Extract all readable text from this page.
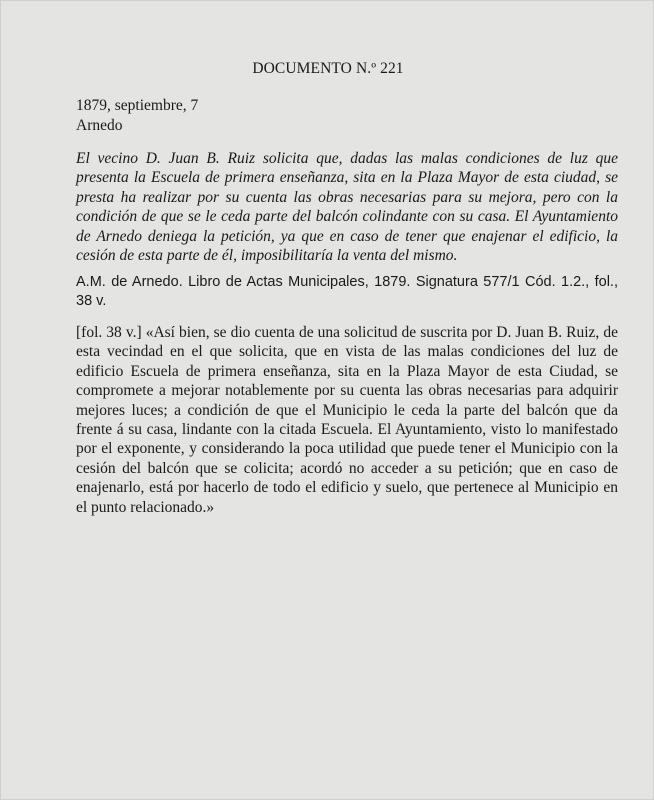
DOCUMENTO N.º 221
1879, septiembre, 7
Arnedo
El vecino D. Juan B. Ruiz solicita que, dadas las malas condiciones de luz que presenta la Escuela de primera enseñanza, sita en la Plaza Mayor de esta ciudad, se presta ha realizar por su cuenta las obras necesarias para su mejora, pero con la condición de que se le ceda parte del balcón colindante con su casa. El Ayuntamiento de Arnedo deniega la petición, ya que en caso de tener que enajenar el edificio, la cesión de esta parte de él, imposibilitaría la venta del mismo.
A.M. de Arnedo. Libro de Actas Municipales, 1879. Signatura 577/1 Cód. 1.2., fol., 38 v.
[fol. 38 v.] «Así bien, se dio cuenta de una solicitud de suscrita por D. Juan B. Ruiz, de esta vecindad en el que solicita, que en vista de las malas condiciones del luz de edificio Escuela de primera enseñanza, sita en la Plaza Mayor de esta Ciudad, se compromete a mejorar notablemente por su cuenta las obras necesarias para adquirir mejores luces; a condición de que el Municipio le ceda la parte del balcón que da frente á su casa, lindante con la citada Escuela. El Ayuntamiento, visto lo manifestado por el exponente, y considerando la poca utilidad que puede tener el Municipio con la cesión del balcón que se colicita; acordó no acceder a su petición; que en caso de enajenarlo, está por hacerlo de todo el edificio y suelo, que pertenece al Municipio en el punto relacionado.»
